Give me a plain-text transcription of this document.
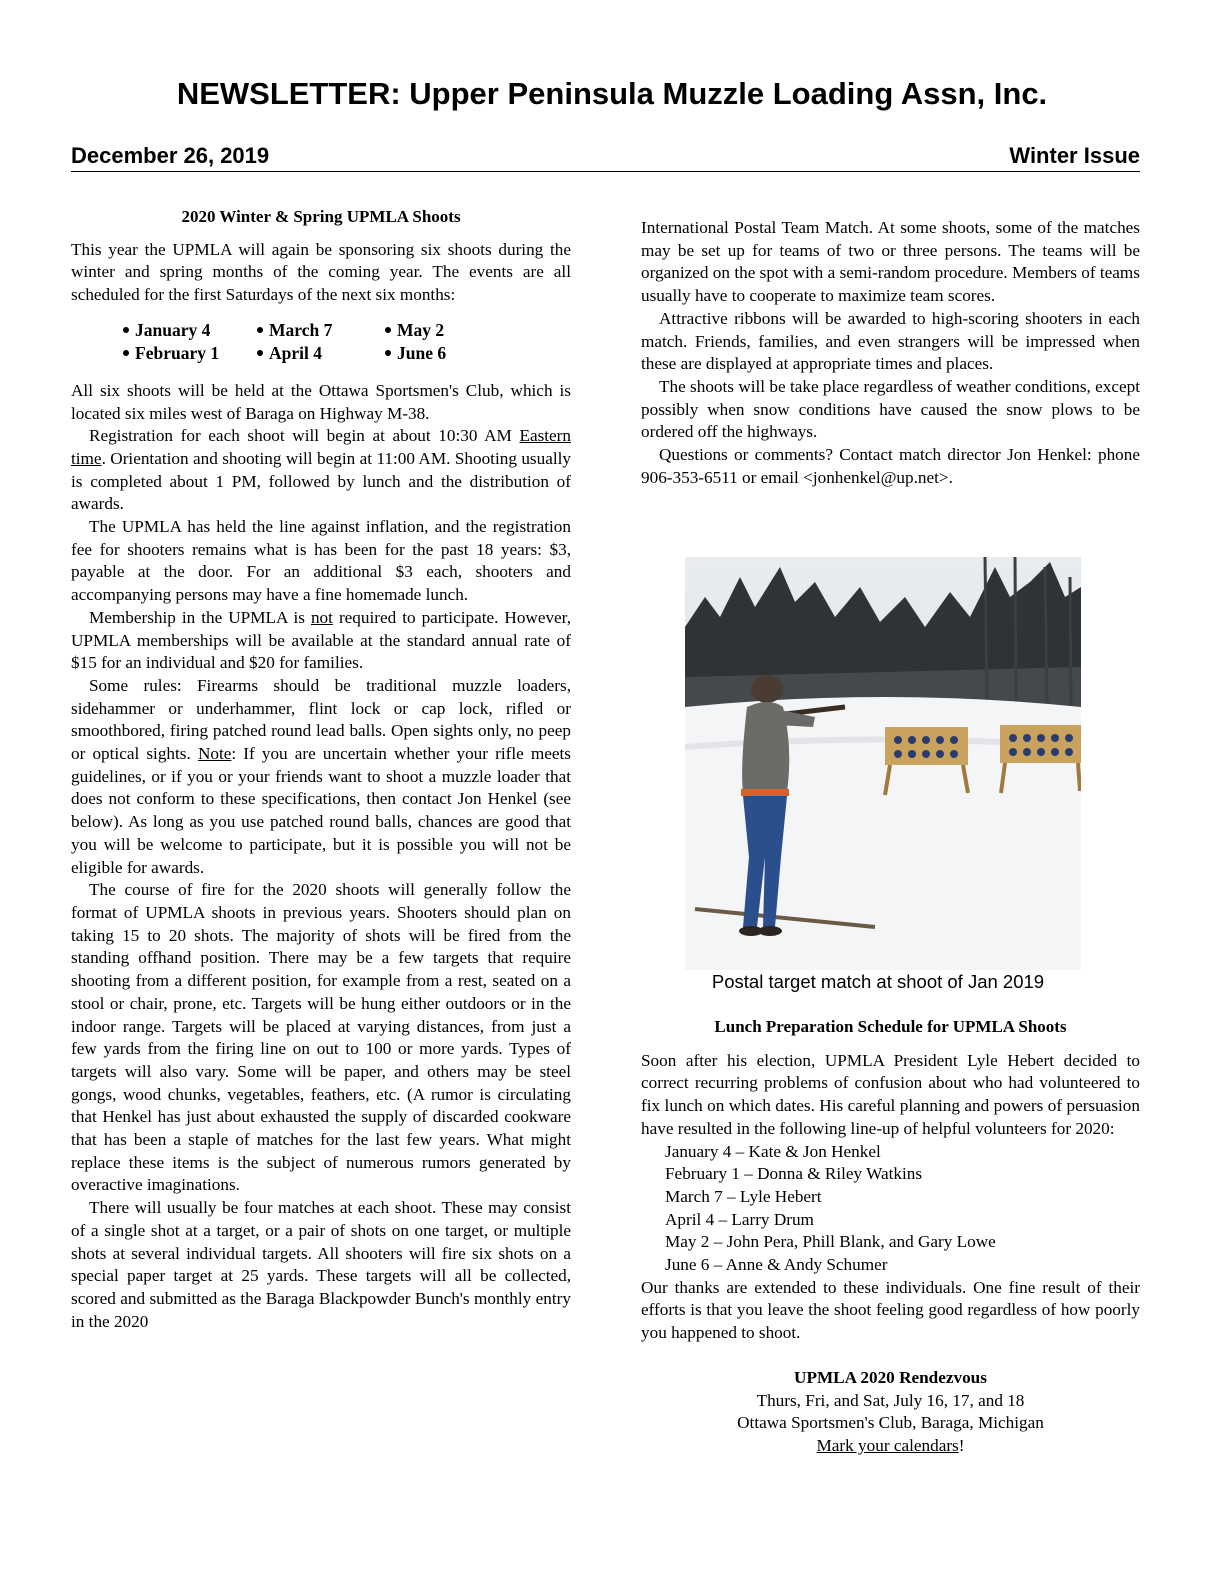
NEWSLETTER: Upper Peninsula Muzzle Loading Assn, Inc.
December 26, 2019	Winter Issue

2020 Winter & Spring UPMLA Shoots

This year the UPMLA will again be sponsoring six shoots during the winter and spring months of the coming year. The events are all scheduled for the first Saturdays of the next six months:

January 4	March 7	May 2
February 1	April 4	June 6

All six shoots will be held at the Ottawa Sportsmen's Club, which is located six miles west of Baraga on Highway M-38.

Registration for each shoot will begin at about 10:30 AM Eastern time. Orientation and shooting will begin at 11:00 AM. Shooting usually is completed about 1 PM, followed by lunch and the distribution of awards.

The UPMLA has held the line against inflation, and the registration fee for shooters remains what is has been for the past 18 years: $3, payable at the door. For an additional $3 each, shooters and accompanying persons may have a fine homemade lunch.

Membership in the UPMLA is not required to participate. However, UPMLA memberships will be available at the standard annual rate of $15 for an individual and $20 for families.

Some rules: Firearms should be traditional muzzle loaders, sidehammer or underhammer, flint lock or cap lock, rifled or smoothbored, firing patched round lead balls. Open sights only, no peep or optical sights. Note: If you are uncertain whether your rifle meets guidelines, or if you or your friends want to shoot a muzzle loader that does not conform to these specifications, then contact Jon Henkel (see below). As long as you use patched round balls, chances are good that you will be welcome to participate, but it is possible you will not be eligible for awards.

The course of fire for the 2020 shoots will generally follow the format of UPMLA shoots in previous years. Shooters should plan on taking 15 to 20 shots. The majority of shots will be fired from the standing offhand position. There may be a few targets that require shooting from a different position, for example from a rest, seated on a stool or chair, prone, etc. Targets will be hung either outdoors or in the indoor range. Targets will be placed at varying distances, from just a few yards from the firing line on out to 100 or more yards. Types of targets will also vary. Some will be paper, and others may be steel gongs, wood chunks, vegetables, feathers, etc. (A rumor is circulating that Henkel has just about exhausted the supply of discarded cookware that has been a staple of matches for the last few years. What might replace these items is the subject of numerous rumors generated by overactive imaginations.

There will usually be four matches at each shoot. These may consist of a single shot at a target, or a pair of shots on one target, or multiple shots at several individual targets. All shooters will fire six shots on a special paper target at 25 yards. These targets will all be collected, scored and submitted as the Baraga Blackpowder Bunch's monthly entry in the 2020

International Postal Team Match. At some shoots, some of the matches may be set up for teams of two or three persons. The teams will be organized on the spot with a semi-random procedure. Members of teams usually have to cooperate to maximize team scores.

Attractive ribbons will be awarded to high-scoring shooters in each match. Friends, families, and even strangers will be impressed when these are displayed at appropriate times and places.

The shoots will be take place regardless of weather conditions, except possibly when snow conditions have caused the snow plows to be ordered off the highways.

Questions or comments? Contact match director Jon Henkel: phone 906-353-6511 or email <jonhenkel@up.net>.

Postal target match at shoot of Jan 2019

Lunch Preparation Schedule for UPMLA Shoots

Soon after his election, UPMLA President Lyle Hebert decided to correct recurring problems of confusion about who had volunteered to fix lunch on which dates. His careful planning and powers of persuasion have resulted in the following line-up of helpful volunteers for 2020:

January 4 – Kate & Jon Henkel

February 1 – Donna & Riley Watkins

March 7 – Lyle Hebert

April 4 – Larry Drum

May 2 – John Pera, Phill Blank, and Gary Lowe

June 6 – Anne & Andy Schumer

Our thanks are extended to these individuals. One fine result of their efforts is that you leave the shoot feeling good regardless of how poorly you happened to shoot.

UPMLA 2020 Rendezvous

Thurs, Fri, and Sat, July 16, 17, and 18

Ottawa Sportsmen's Club, Baraga, Michigan

Mark your calendars!
